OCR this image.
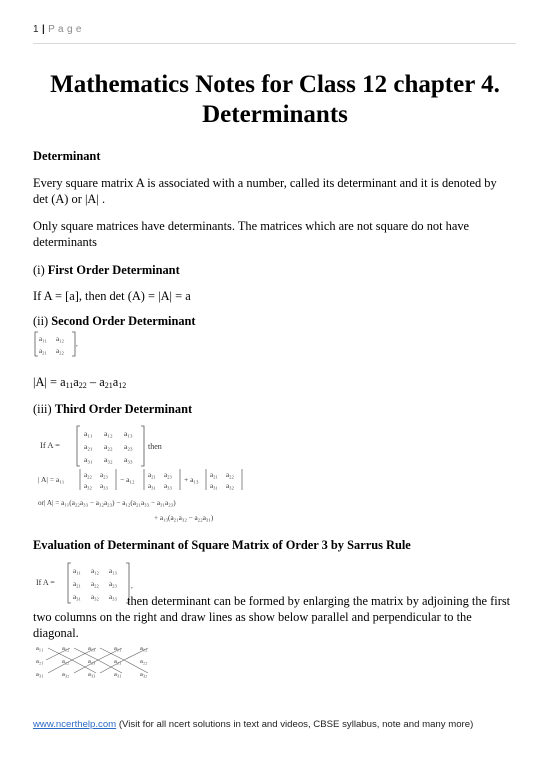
1 | P a g e
Mathematics Notes for Class 12 chapter 4.
Determinants
Determinant
Every square matrix A is associated with a number, called its determinant and it is denoted by det (A) or |A| .
Only square matrices have determinants. The matrices which are not square do not have determinants
(i) First Order Determinant
If A = [a], then det (A) = |A| = a
(ii) Second Order Determinant
a₁₁ a₁₂
a₂₁ a₂₂
,
$|A| = a_{11}a_{22} - a_{21}a_{12}$
(iii) Third Order Determinant
If A =
a₁₁ a₁₂ a₁₃
a₂₁ a₂₂ a₂₃
a₃₁ a₃₂ a₃₃
then
| A| = a₁₁	a₂₂ a₂₃
a₃₂ a₃₃
− a₁₂ a₂₁ a₂₃
a₃₁ a₃₃
+ a₁₃ a₂₁ a₂₂
a₃₁ a₃₂
or| A| = a₁₁(a₂₂a₃₃ − a₃₂a₂₃) − a₁₂(a₂₁a₃₃ − a₃₁a₂₃)
+ a₁₃(a₂₁a₃₂ − a₂₂a₃₁)
Evaluation of Determinant of Square Matrix of Order 3 by Sarrus Rule
If A =
a₁₁ a₁₂ a₁₃
a₂₁ a₂₂ a₂₃
a₃₁ a₃₂ a₃₃
,
then determinant can be formed by enlarging the matrix by adjoining the first two columns on the right and draw lines as show below parallel and perpendicular to the diagonal.
a₁₁	a₁₂	a₁₃	a₁₁	a₁₂
a₂₁	a₂₂	a₂₃	a₂₁	a₂₂
a₃₁	a₃₂	a₃₃	a₃₁	a₃₂
www.ncerthelp.com (Visit for all ncert solutions in text and videos, CBSE syllabus, note and many more)
